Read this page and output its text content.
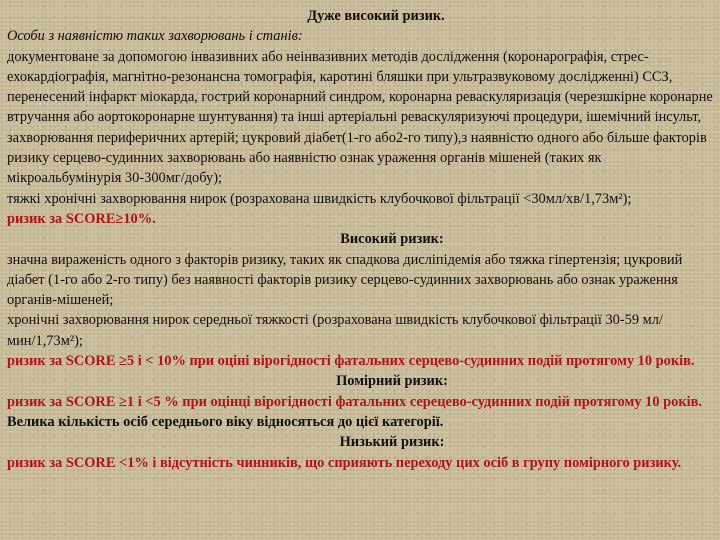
Дуже високий ризик.

Особи з наявністю таких захворювань і станів:

документоване за допомогою інвазивних або неінвазивних методів дослідження (коронарографія, стрес-ехокардіографія, магнітно-резонансна томографія, каротині бляшки при ультразвуковому дослідженні) ССЗ, перенесений інфаркт міокарда, гострий коронарний синдром, коронарна реваскуляризація (черезшкірне коронарне втручання або аортокоронарне шунтування) та інші артеріальні реваскуляризуючі процедури, ішемічний інсульт, захворювання периферичних артерій; цукровий діабет(1-го або2-го типу),з наявністю одного або більше факторів ризику серцево-судинних захворювань або наявністю ознак ураження органів мішеней (таких як мікроальбумінурія 30-300мг/добу);

тяжкі хронічні захворювання нирок (розрахована швидкість клубочкової фільтрації <30мл/хв/1,73м²);

ризик за SCORE≥10%.

Високий ризик:

значна вираженість одного з факторів ризику, таких як спадкова дисліпідемія або тяжка гіпертензія; цукровий діабет (1-го або 2-го типу) без наявності факторів ризику серцево-судинних захворювань або ознак ураження органів-мішеней;

хронічні захворювання нирок середньої тяжкості (розрахована швидкість клубочкової фільтрації 30-59 мл/мин/1,73м²);

ризик за SCORE ≥5 і < 10% при оціні вірогідності фатальних серцево-судинних подій протягому 10 років.

Помірний ризик:

ризик за SCORE ≥1 і <5 % при оцінці вірогідності фатальних серецево-судинних подій протягому 10 років. Велика кількість осіб середнього віку відносяться до цієї категорії.

Низький ризик:

ризик за SCORE <1% і відсутність чинників, що сприяють переходу цих осіб в групу помірного ризику.
